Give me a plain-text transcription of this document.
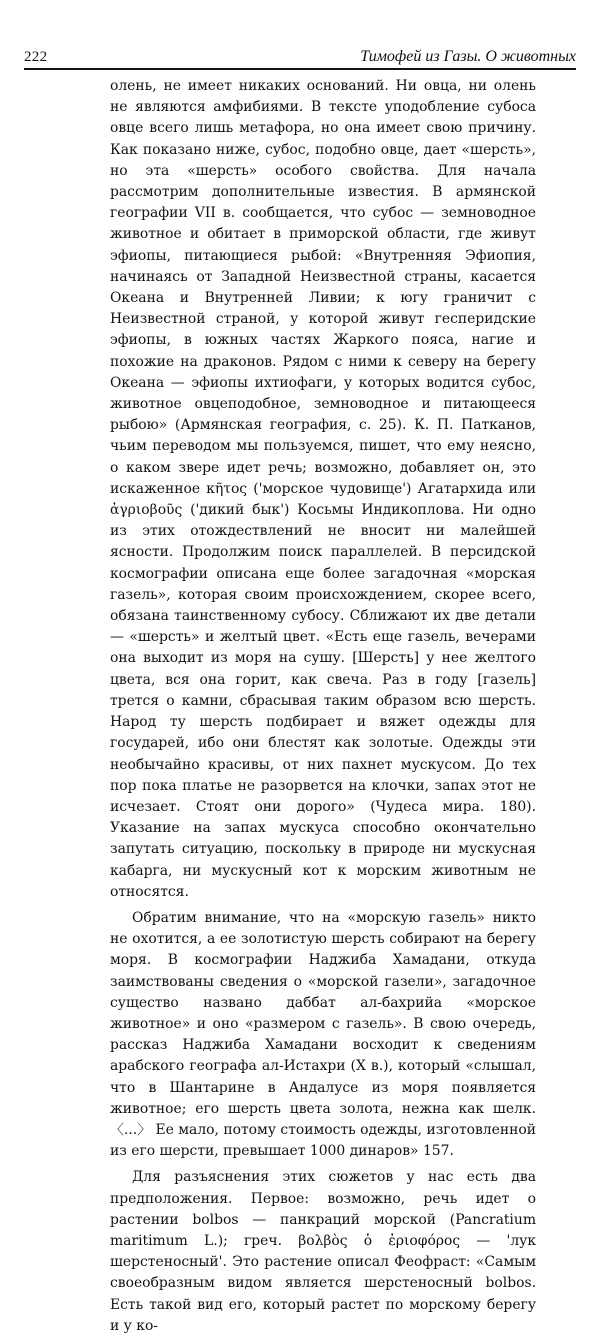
222	Тимофей из Газы. О животных

олень, не имеет никаких оснований. Ни овца, ни олень не являются амфибиями. В тексте уподобление субоса овце всего лишь метафора, но она имеет свою причину. Как показано ниже, субос, подобно овце, дает «шерсть», но эта «шерсть» особого свойства. Для начала рассмотрим дополнительные известия. В армянской географии VII в. сообщается, что субос — земноводное животное и обитает в приморской области, где живут эфиопы, питающиеся рыбой: «Внутренняя Эфиопия, начинаясь от Западной Неизвестной страны, касается Океана и Внутренней Ливии; к югу граничит с Неизвестной страной, у которой живут гесперидские эфиопы, в южных частях Жаркого пояса, нагие и похожие на драконов. Рядом с ними к северу на берегу Океана — эфиопы ихтиофаги, у которых водится субос, животное овцеподобное, земноводное и питающееся рыбою» (Армянская география, с. 25). К. П. Патканов, чьим переводом мы пользуемся, пишет, что ему неясно, о каком звере идет речь; возможно, добавляет он, это искаженное κῆτος ('морское чудовище') Агатархида или ἀγριοβοῦς ('дикий бык') Косьмы Индикоплова. Ни одно из этих отождествлений не вносит ни малейшей ясности. Продолжим поиск параллелей. В персидской космографии описана еще более загадочная «морская газель», которая своим происхождением, скорее всего, обязана таинственному субосу. Сближают их две детали — «шерсть» и желтый цвет. «Есть еще газель, вечерами она выходит из моря на сушу. [Шерсть] у нее желтого цвета, вся она горит, как свеча. Раз в году [газель] трется о камни, сбрасывая таким образом всю шерсть. Народ ту шерсть подбирает и вяжет одежды для государей, ибо они блестят как золотые. Одежды эти необычайно красивы, от них пахнет мускусом. До тех пор пока платье не разорвется на клочки, запах этот не исчезает. Стоят они дорого» (Чудеса мира. 180). Указание на запах мускуса способно окончательно запутать ситуацию, поскольку в природе ни мускусная кабарга, ни мускусный кот к морским животным не относятся.

Обратим внимание, что на «морскую газель» никто не охотится, а ее золотистую шерсть собирают на берегу моря. В космографии Наджиба Хамадани, откуда заимствованы сведения о «морской газели», загадочное существо названо даббат ал-бахрийа «морское животное» и оно «размером с газель». В свою очередь, рассказ Наджиба Хамадани восходит к сведениям арабского географа ал-Истахри (X в.), который «слышал, что в Шантарине в Андалусе из моря появляется животное; его шерсть цвета золота, нежна как шелк. 〈...〉 Ее мало, потому стоимость одежды, изготовленной из его шерсти, превышает 1000 динаров» 157.

Для разъяснения этих сюжетов у нас есть два предположения. Первое: возможно, речь идет о растении bolbos — панкраций морской (Pancratium maritimum L.); греч. βολβὸς ὁ ἐριοφόρος — 'лук шерстеносный'. Это растение описал Феофраст: «Самым своеобразным видом является шерстеносный bolbos. Есть такой вид его, который растет по морскому берегу и у ко-
